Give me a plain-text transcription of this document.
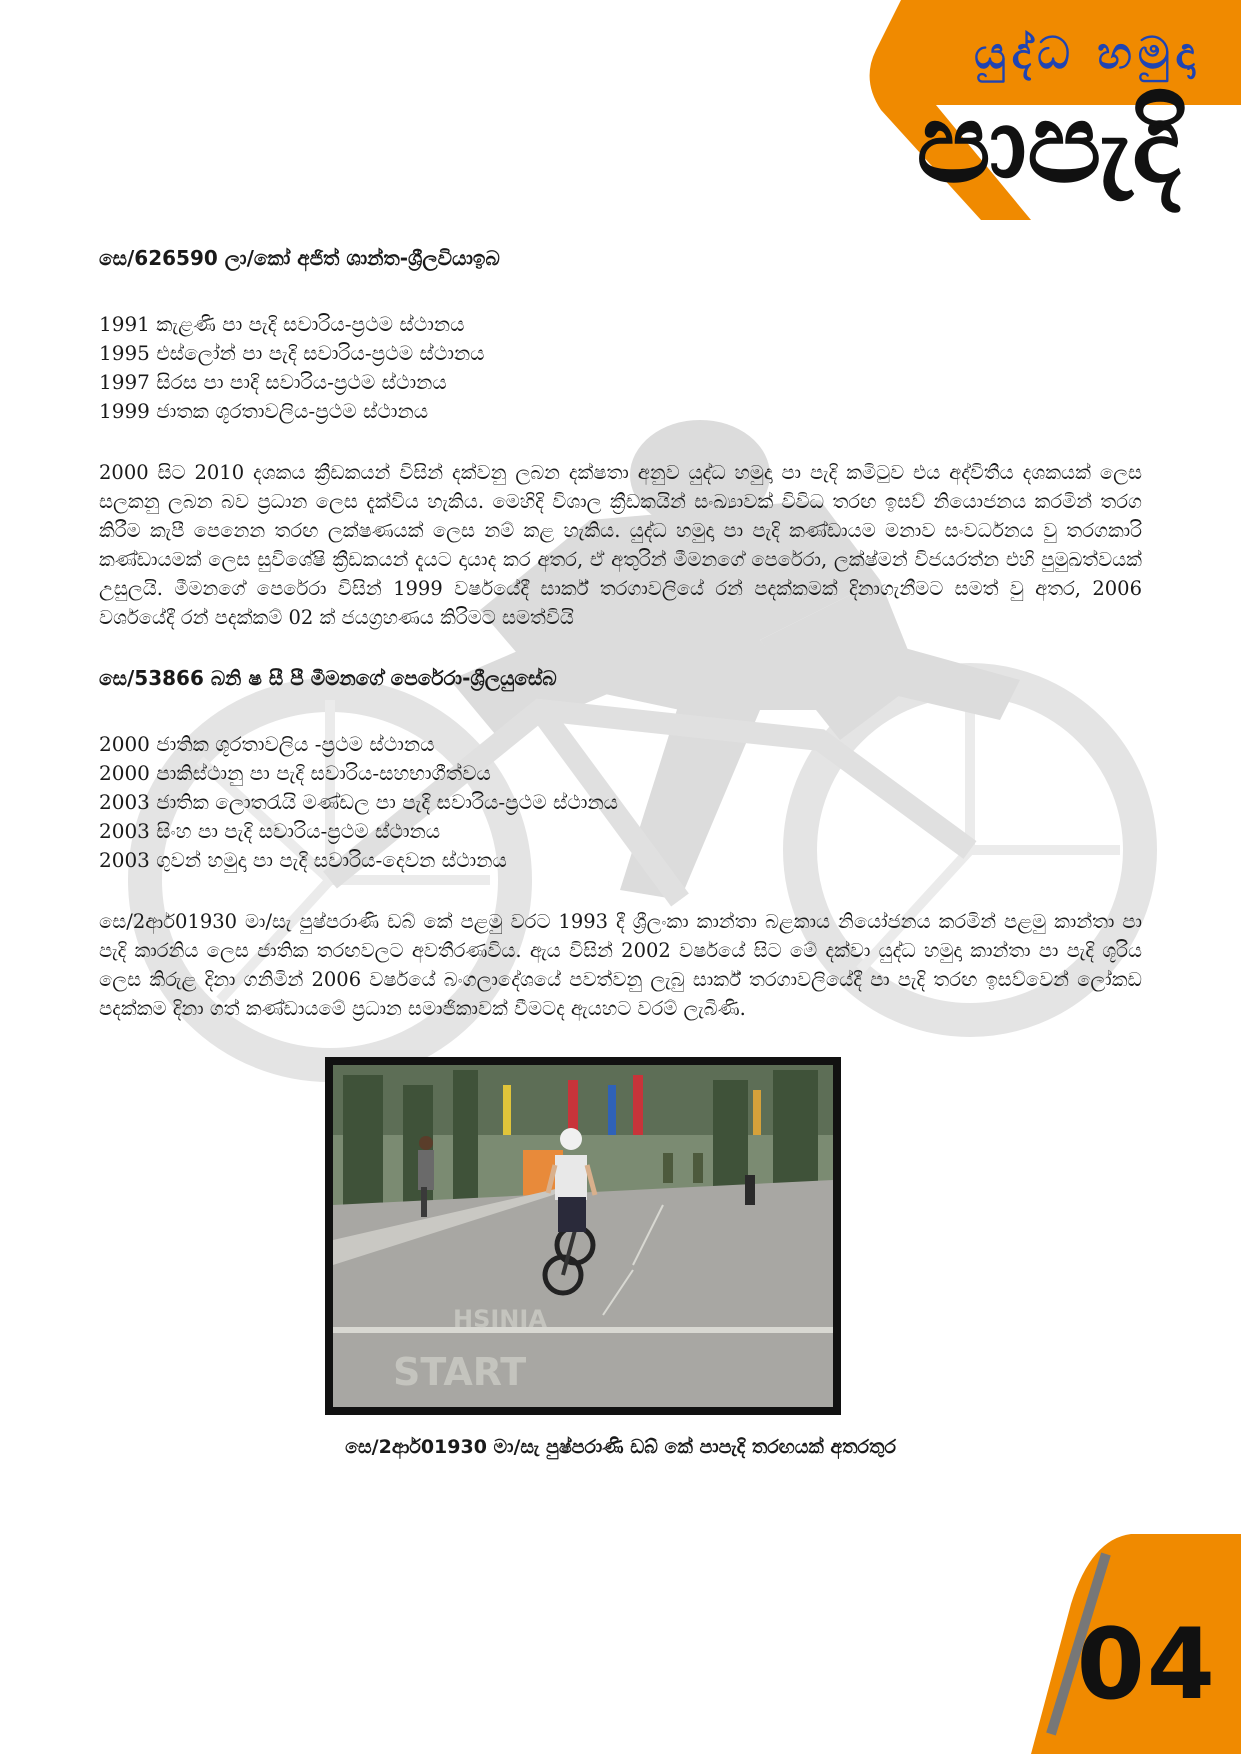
යුද්ධ හමුදා
පාපැදි
සෙ/626590 ලා/කෝ අජිත් ශාන්ත-ශ්‍රීලවියාඉබ
1991 කැළණි පා පැදි සවාරිය-ප්‍රථම ස්ථානය
1995 එස්ලෝන් පා පැදි සවාරිය-ප්‍රථම ස්ථානය
1997 සිරස පා පාදි සවාරිය-ප්‍රථම ස්ථානය
1999 ජාතක ශූරතාවලිය-ප්‍රථම ස්ථානය
2000 සිට 2010 දශකය ක්‍රීඩකයන් විසින් දක්වනු ලබන දක්ෂතා අනුව යුද්ධ හමුදා පා පැදි කමිටුව එය අද්විතීය දශකයක් ලෙස සලකනු ලබන බව ප්‍රධාන ලෙස දැක්විය හැකිය. මෙහිදි විශාල ක්‍රීඩකයින් සංඛ්‍යාවක් විවිධ තරඟ ඉසව් නියොජනය කරමින් තරග කිරීම කැපී පෙනෙන තරඟ ලක්ෂණයක් ලෙස නම් කළ හැකිය. යුද්ධ හමුදා පා පැදි කණ්ඩායම මනාව සංවර්ධනය වු තරගකාරි කණ්ඩායමක් ලෙස සුවිශේෂි ක්‍රීඩකයන් දැයට දායාද කර අතර, ඒ අතුරින් මීමනගේ පෙරේරා, ලක්ෂ්මන් විජයරත්න එහි පුමුඛත්වයක් උසුලයි. මීමනගේ පෙරේරා විසින් 1999 වර්ෂයේදී සාර්ක් තරගාවලියේ රන් පදක්කමක් දිනාගැනීමට සමත් වු අතර, 2006 වර්ශයේදී රන් පදක්කම් 02 ක් ජයග්‍රහණය කිරිමට සමත්වියි
සෙ/53866 බනි ෂ සී පී මීමනගේ පෙරේරා-ශ්‍රීලයුසේබ
2000 ජාතික ශූරතාවලිය -ප්‍රථම ස්ථානය
2000 පාකිස්ථානු පා පැදි සවාරිය-සහභාගීත්වය
2003 ජාතික ලොතරැයි මණ්ඩල පා පැදි සවාරිය-ප්‍රථම ස්ථානය
2003 සිංහ පා පැදි සවාරිය-ප්‍රථම ස්ථානය
2003 ගුවන් හමුදා පා පැදි සවාරිය-දෙවන ස්ථානය
සෙ/2ආර්01930 මා/සැ පුෂ්පරාණි ඩබ් කේ පළමු වරට 1993 දී ශ්‍රීලංකා කාන්තා බළකාය නියෝජනය කරමින් පළමු කාන්තා පා පැදි කාරනිය ලෙස ජාතික තරඟවලට අවතීරණවිය. ඇය විසින් 2002 වර්ෂයේ සිට මේ දක්වා යුද්ධ හමුදා කාන්තා පා පැදි ශූරිය ලෙස කිරුළ දිනා ගනිමින් 2006 වර්ෂයේ බංගලාදේශයේ පවත්වනු ලැබු සාර්ක් තරගාවලියේදී පා පැදි තරඟ ඉසව්වෙන් ලෝකඩ පදක්කම දිනා ගත් කණ්ඩායමේ ප්‍රධාන සමාජිකාවක් වීමටද ඇයහට වරම් ලැබිණි.
HSINIA
START
සෙ/2ආර්01930 මා/සැ පුෂ්පරාණි ඩබ් කේ පාපැදි තරඟයක් අතරතුර
04
